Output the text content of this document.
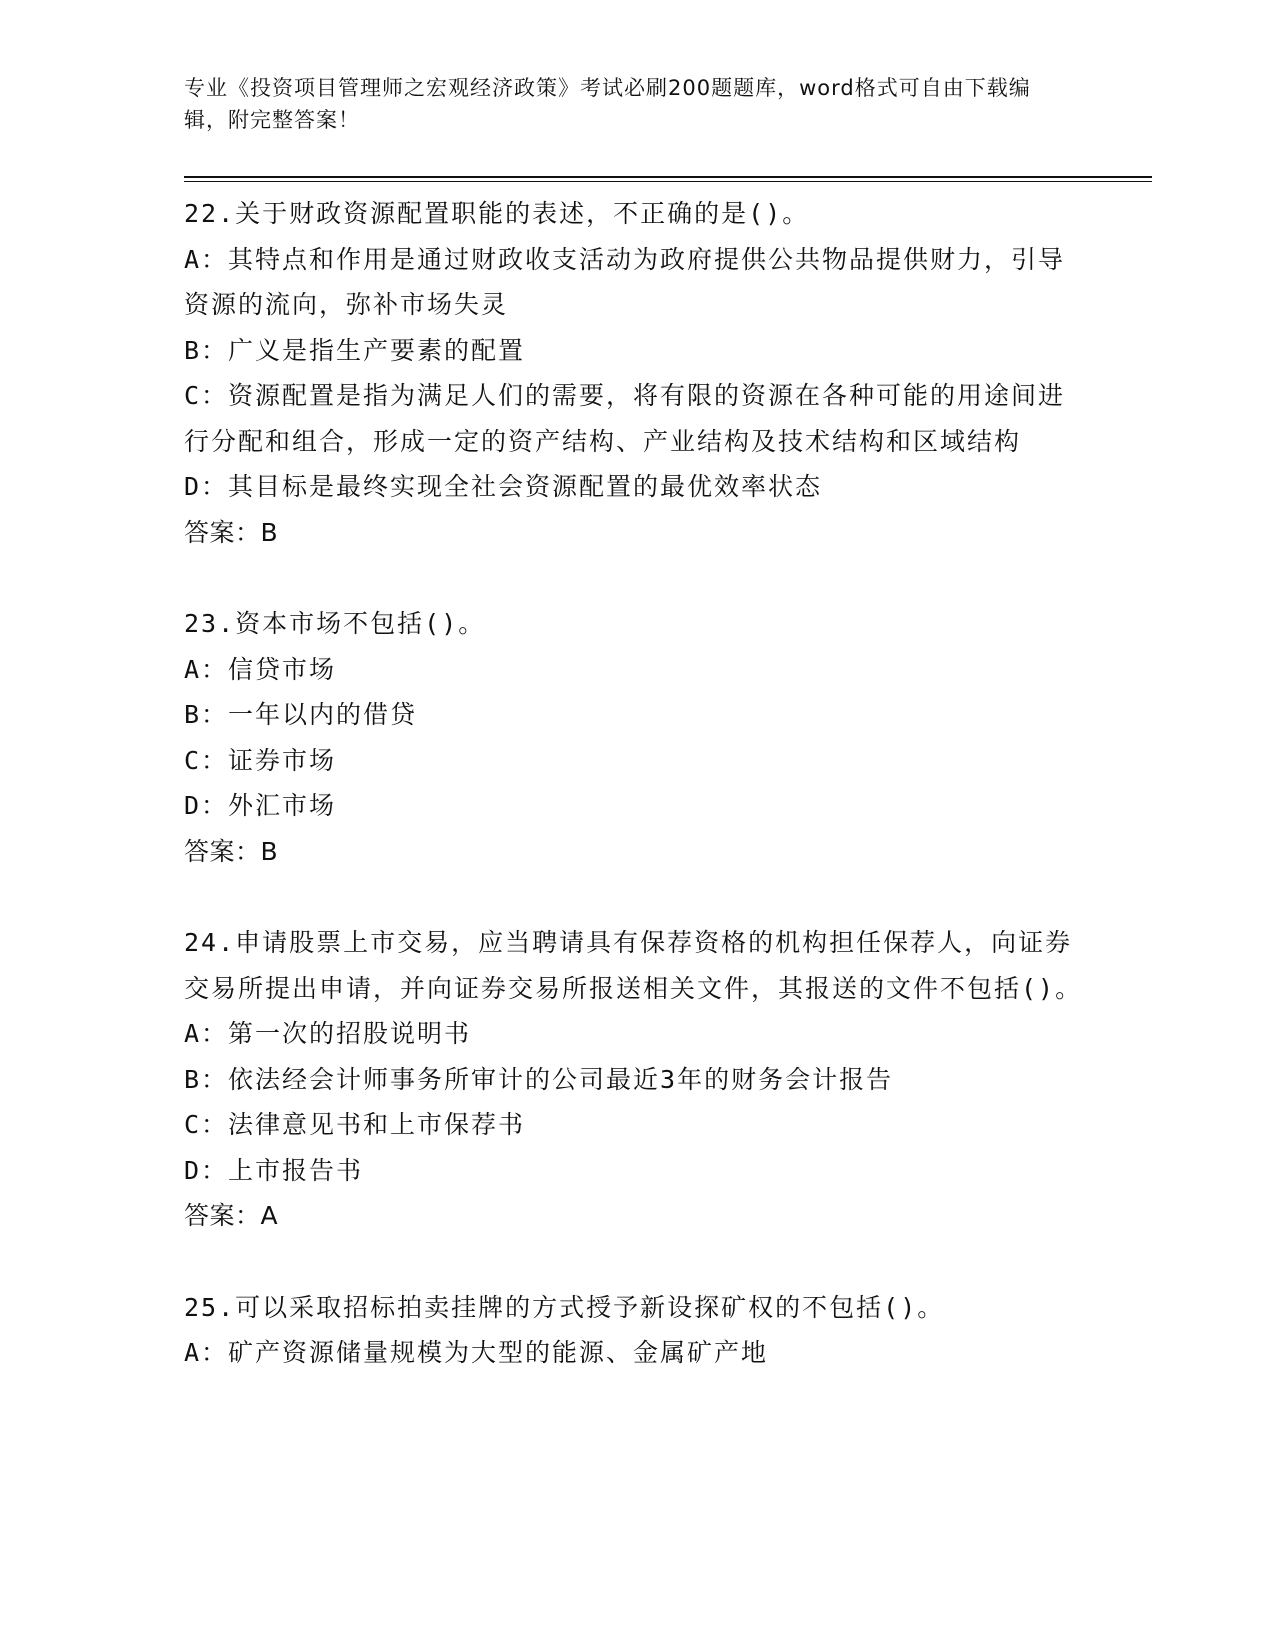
专业《投资项目管理师之宏观经济政策》考试必刷200题题库，word格式可自由下载编辑，附完整答案！
22.关于财政资源配置职能的表述，不正确的是()。
A：其特点和作用是通过财政收支活动为政府提供公共物品提供财力，引导资源的流向，弥补市场失灵
B：广义是指生产要素的配置
C：资源配置是指为满足人们的需要，将有限的资源在各种可能的用途间进行分配和组合，形成一定的资产结构、产业结构及技术结构和区域结构
D：其目标是最终实现全社会资源配置的最优效率状态
答案：B
23.资本市场不包括()。
A：信贷市场
B：一年以内的借贷
C：证券市场
D：外汇市场
答案：B
24.申请股票上市交易，应当聘请具有保荐资格的机构担任保荐人，向证券交易所提出申请，并向证券交易所报送相关文件，其报送的文件不包括()。
A：第一次的招股说明书
B：依法经会计师事务所审计的公司最近3年的财务会计报告
C：法律意见书和上市保荐书
D：上市报告书
答案：A
25.可以采取招标拍卖挂牌的方式授予新设探矿权的不包括()。
A：矿产资源储量规模为大型的能源、金属矿产地
